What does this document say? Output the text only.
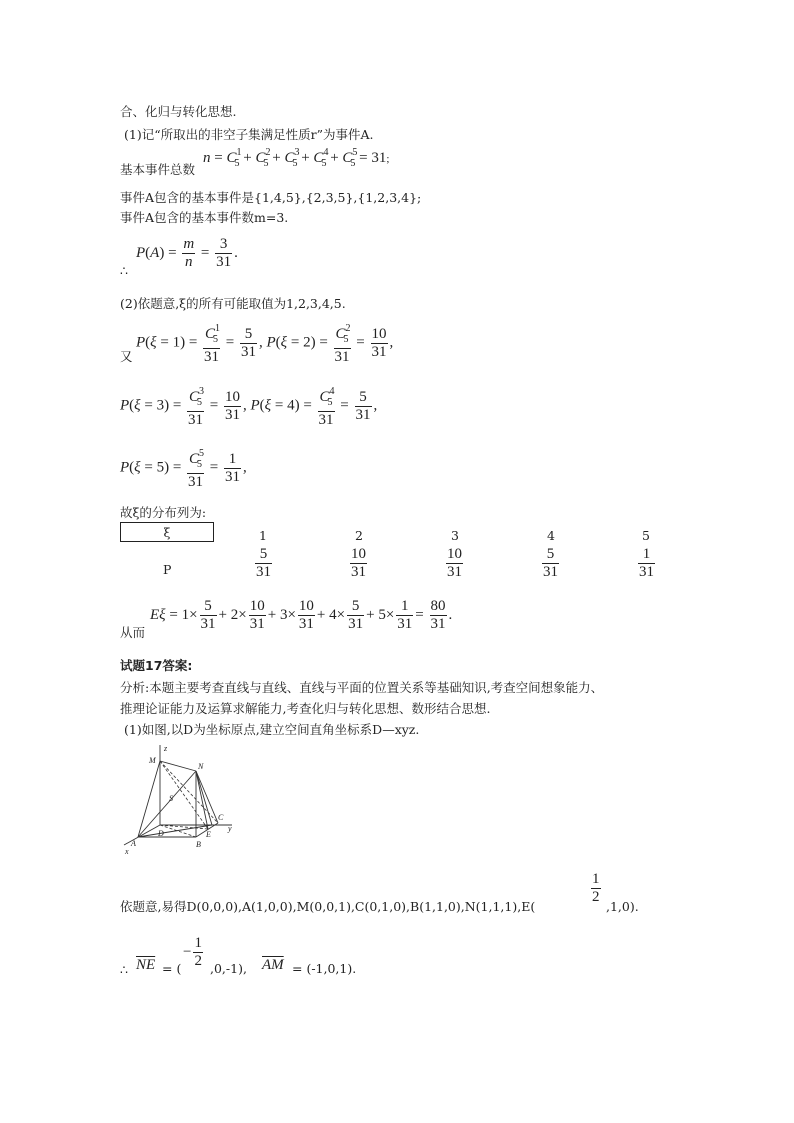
合、化归与转化思想.
(1)记“所取出的非空子集满足性质r”为事件A.
基本事件总数
$n = C^1_5 + C^2_5 + C^3_5 + C^4_5 + C^5_5 = 31$;
事件A包含的基本事件是{1,4,5},{2,3,5},{1,2,3,4};
事件A包含的基本事件数m=3.
$P(A) = \frac{m}{n} = \frac{3}{31}$ .
∴
(2)依题意,ξ的所有可能取值为1,2,3,4,5.
$P(\xi = 1) = \frac{C^1_5}{31} = \frac{5}{31}$ , $P(\xi = 2) = \frac{C^2_5}{31} = \frac{10}{31}$ ,
又
$P(\xi = 3) = \frac{C^3_5}{31} = \frac{10}{31}$ , $P(\xi = 4) = \frac{C^4_5}{31} = \frac{5}{31}$ ,
$P(\xi = 5) = \frac{C^5_5}{31} = \frac{1}{31}$ ,
故ξ的分布列为:
ξ	1	2	3	4	5
P	$\frac{5}{31}$	$\frac{10}{31}$	$\frac{10}{31}$	$\frac{5}{31}$	$\frac{1}{31}$
$E\xi = 1\times \frac{5}{31} + 2\times \frac{10}{31} + 3\times \frac{10}{31} + 4\times \frac{5}{31} + 5\times \frac{1}{31} = \frac{80}{31}$ .
从而
试题17答案:
分析:本题主要考查直线与直线、直线与平面的位置关系等基础知识,考查空间想象能力、
推理论证能力及运算求解能力,考查化归与转化思想、数形结合思想.
(1)如图,以D为坐标原点,建立空间直角坐标系D—xyz.
z
M
N
S
C
y
D	E
A	B
x
依题意,易得D(0,0,0),A(1,0,0),M(0,0,1),C(0,1,0),B(1,1,0),N(1,1,1),E(
$\frac{1}{2}$
,1,0).
∴ $\overline{NE}$ = (
− $\frac{1}{2} ,0,-1$), $\overline{AM} = (-1,0,1)$.
